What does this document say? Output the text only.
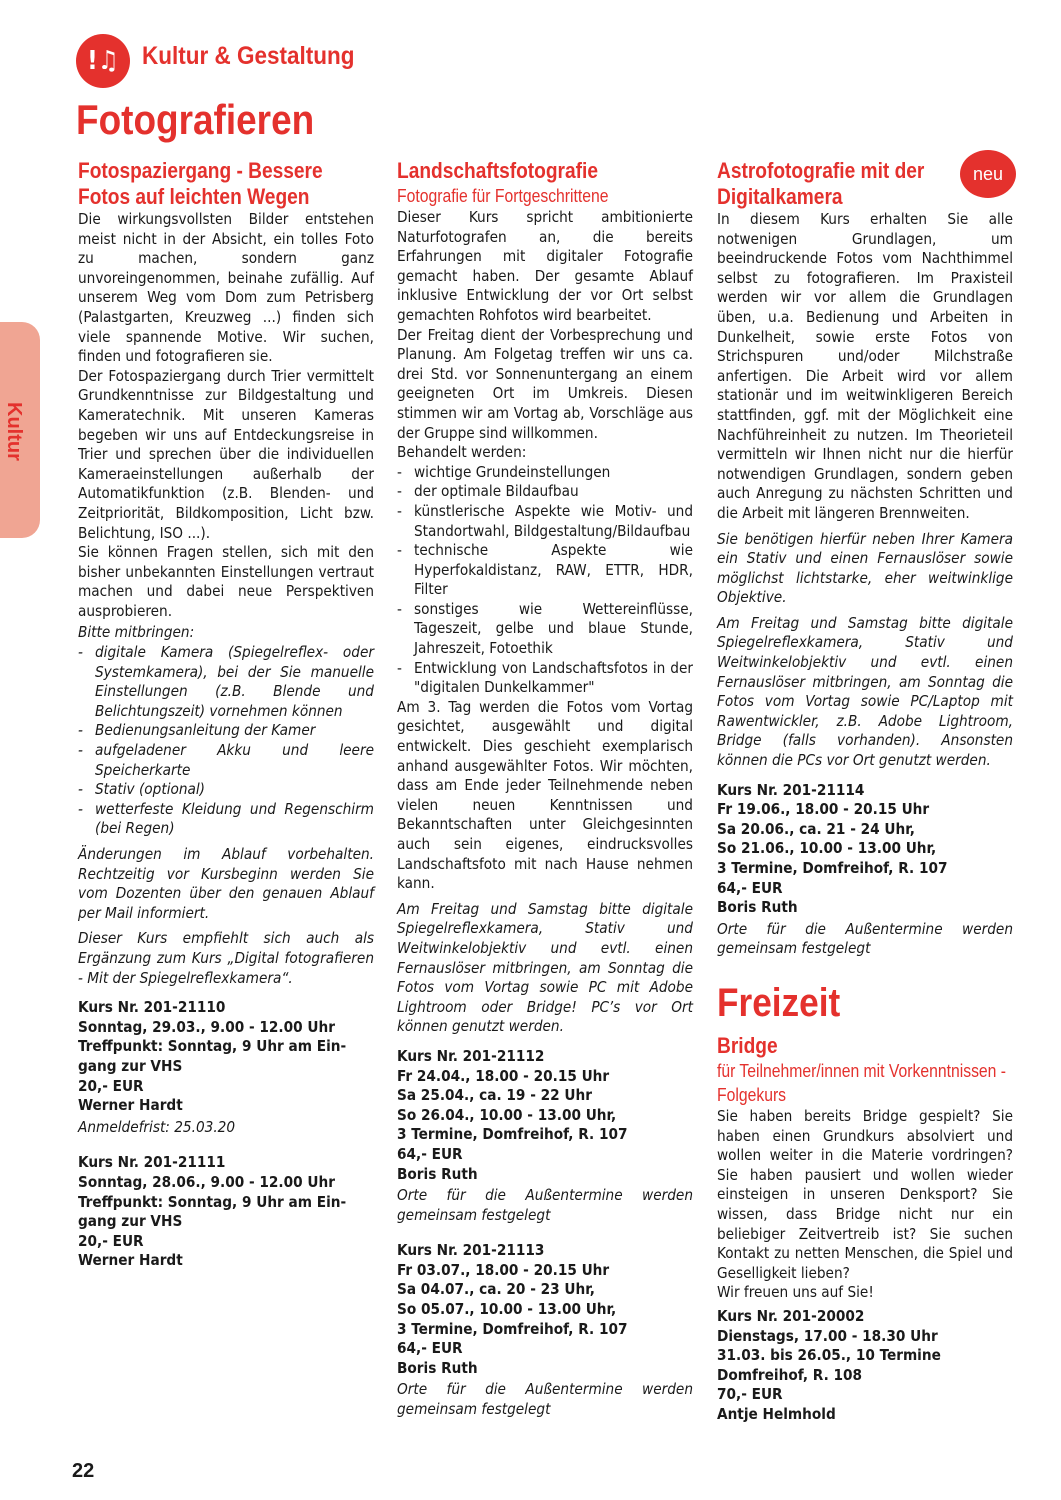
!♫ Kultur & Gestaltung
Fotografieren
Kultur
Fotospaziergang - Bessere Fotos auf leichten Wegen

Die wirkungsvollsten Bilder entstehen meist nicht in der Absicht, ein tolles Foto zu machen, sondern ganz unvoreingenommen, beinahe zufällig. Auf unserem Weg vom Dom zum Petrisberg (Palastgarten, Kreuzweg ...) finden sich viele spannende Motive. Wir suchen, finden und fotografieren sie.

Der Fotospaziergang durch Trier vermittelt Grundkenntnisse zur Bildgestaltung und Kameratechnik. Mit unseren Kameras begeben wir uns auf Entdeckungsreise in Trier und sprechen über die individuellen Kameraeinstellungen außerhalb der Automatikfunktion (z.B. Blenden- und Zeitpriorität, Bildkomposition, Licht bzw. Belichtung, ISO ...).

Sie können Fragen stellen, sich mit den bisher unbekannten Einstellungen vertraut machen und dabei neue Perspektiven ausprobieren.

Bitte mitbringen:

- digitale Kamera (Spiegelreflex- oder Systemkamera), bei der Sie manuelle Einstellungen (z.B. Blende und Belichtungszeit) vornehmen können
- Bedienungsanleitung der Kamer
- aufgeladener Akku und leere Speicherkarte
- Stativ (optional)
- wetterfeste Kleidung und Regenschirm (bei Regen)

Änderungen im Ablauf vorbehalten. Rechtzeitig vor Kursbeginn werden Sie vom Dozenten über den genauen Ablauf per Mail informiert.

Dieser Kurs empfiehlt sich auch als Ergänzung zum Kurs „Digital fotografieren - Mit der Spiegelreflexkamera“.

Kurs Nr. 201-21110
Sonntag, 29.03., 9.00 - 12.00 Uhr
Treffpunkt: Sonntag, 9 Uhr am Ein-
gang zur VHS
20,- EUR
Werner Hardt

Anmeldefrist: 25.03.20

Kurs Nr. 201-21111
Sonntag, 28.06., 9.00 - 12.00 Uhr
Treffpunkt: Sonntag, 9 Uhr am Ein-
gang zur VHS
20,- EUR
Werner Hardt
Landschaftsfotografie

Fotografie für Fortgeschrittene

Dieser Kurs spricht ambitionierte Naturfotografen an, die bereits Erfahrungen mit digitaler Fotografie gemacht haben. Der gesamte Ablauf inklusive Entwicklung der vor Ort selbst gemachten Rohfotos wird bearbeitet.

Der Freitag dient der Vorbesprechung und Planung. Am Folgetag treffen wir uns ca. drei Std. vor Sonnenuntergang an einem geeigneten Ort im Umkreis. Diesen stimmen wir am Vortag ab, Vorschläge aus der Gruppe sind willkommen.

Behandelt werden:

- wichtige Grundeinstellungen
- der optimale Bildaufbau
- künstlerische Aspekte wie Motiv- und Standortwahl, Bildgestaltung/Bildaufbau
- technische Aspekte wie Hyperfokaldistanz, RAW, ETTR, HDR, Filter
- sonstiges wie Wettereinflüsse, Tageszeit, gelbe und blaue Stunde, Jahreszeit, Fotoethik
- Entwicklung von Landschaftsfotos in der "digitalen Dunkelkammer"

Am 3. Tag werden die Fotos vom Vortag gesichtet, ausgewählt und digital entwickelt. Dies geschieht exemplarisch anhand ausgewählter Fotos. Wir möchten, dass am Ende jeder Teilnehmende neben vielen neuen Kenntnissen und Bekanntschaften unter Gleichgesinnten auch sein eigenes, eindrucksvolles Landschaftsfoto mit nach Hause nehmen kann.

Am Freitag und Samstag bitte digitale Spiegelreflexkamera, Stativ und Weitwinkelobjektiv und evtl. einen Fernauslöser mitbringen, am Sonntag die Fotos vom Vortag sowie PC mit Adobe Lightroom oder Bridge! PC’s vor Ort können genutzt werden.

Kurs Nr. 201-21112
Fr 24.04., 18.00 - 20.15 Uhr
Sa 25.04., ca. 19 - 22 Uhr
So 26.04., 10.00 - 13.00 Uhr,
3 Termine, Domfreihof, R. 107
64,- EUR
Boris Ruth

Orte für die Außentermine werden gemeinsam festgelegt

Kurs Nr. 201-21113
Fr 03.07., 18.00 - 20.15 Uhr
Sa 04.07., ca. 20 - 23 Uhr,
So 05.07., 10.00 - 13.00 Uhr,
3 Termine, Domfreihof, R. 107
64,- EUR
Boris Ruth

Orte für die Außentermine werden gemeinsam festgelegt

neu
Astrofotografie mit der Digitalkamera

In diesem Kurs erhalten Sie alle notwenigen Grundlagen, um beeindruckende Fotos vom Nachthimmel selbst zu fotografieren. Im Praxisteil werden wir vor allem die Grundlagen üben, u.a. Bedienung und Arbeiten in Dunkelheit, sowie erste Fotos von Strichspuren und/oder Milchstraße anfertigen. Die Arbeit wird vor allem stationär und im weitwinkligeren Bereich stattfinden, ggf. mit der Möglichkeit eine Nachführeinheit zu nutzen. Im Theorieteil vermitteln wir Ihnen nicht nur die hierfür notwendigen Grundlagen, sondern geben auch Anregung zu nächsten Schritten und die Arbeit mit längeren Brennweiten.

Sie benötigen hierfür neben Ihrer Kamera ein Stativ und einen Fernauslöser sowie möglichst lichtstarke, eher weitwinklige Objektive.

Am Freitag und Samstag bitte digitale Spiegelreflexkamera, Stativ und Weitwinkelobjektiv und evtl. einen Fernauslöser mitbringen, am Sonntag die Fotos vom Vortag sowie PC/Laptop mit Rawentwickler, z.B. Adobe Lightroom, Bridge (falls vorhanden). Ansonsten können die PCs vor Ort genutzt werden.

Kurs Nr. 201-21114
Fr 19.06., 18.00 - 20.15 Uhr
Sa 20.06., ca. 21 - 24 Uhr,
So 21.06., 10.00 - 13.00 Uhr,
3 Termine, Domfreihof, R. 107
64,- EUR
Boris Ruth

Orte für die Außentermine werden gemeinsam festgelegt

Freizeit
Bridge

für Teilnehmer/innen mit Vorkenntnissen - Folgekurs

Sie haben bereits Bridge gespielt? Sie haben einen Grundkurs absolviert und wollen weiter in die Materie vordringen? Sie haben pausiert und wollen wieder einsteigen in unseren Denksport? Sie wissen, dass Bridge nicht nur ein beliebiger Zeitvertreib ist? Sie suchen Kontakt zu netten Menschen, die Spiel und Geselligkeit lieben?

Wir freuen uns auf Sie!

Kurs Nr. 201-20002
Dienstags, 17.00 - 18.30 Uhr
31.03. bis 26.05., 10 Termine
Domfreihof, R. 108
70,- EUR
Antje Helmhold
22
